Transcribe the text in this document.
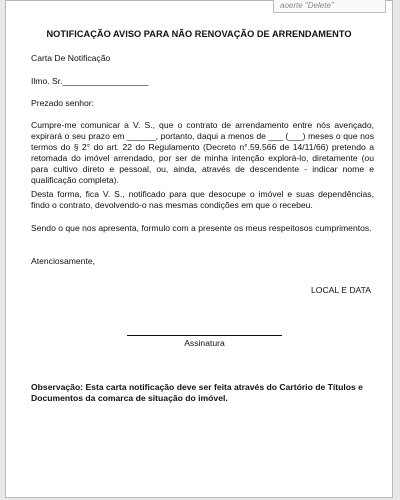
aoerte "Delete"
NOTIFICAÇÃO AVISO PARA NÃO RENOVAÇÃO DE ARRENDAMENTO
Carta De Notificação
Ilmo. Sr.__________________
Prezado senhor:
Cumpre-me comunicar a V. S., que o contrato de arrendamento entre nós avençado, expirará o seu prazo em ______, portanto, daqui a menos de ___ (___) meses o que nos termos do § 2° do art. 22 do Regulamento (Decreto n°.59.566 de 14/11/66) pretendo a retomada do imóvel arrendado, por ser de minha intenção explorá-lo, diretamente (ou para cultivo direto e pessoal, ou, ainda, através de descendente - indicar nome e qualificação completa).
Desta forma, fica V. S., notificado para que desocupe o imóvel e suas dependências, findo o contrato, devolvendo-o nas mesmas condições em que o recebeu.
Sendo o que nos apresenta, formulo com a presente os meus respeitosos cumprimentos.
Atenciosamente,
LOCAL E DATA
Assinatura
Observação: Esta carta notificação deve ser feita através do Cartório de Títulos e Documentos da comarca de situação do imóvel.
